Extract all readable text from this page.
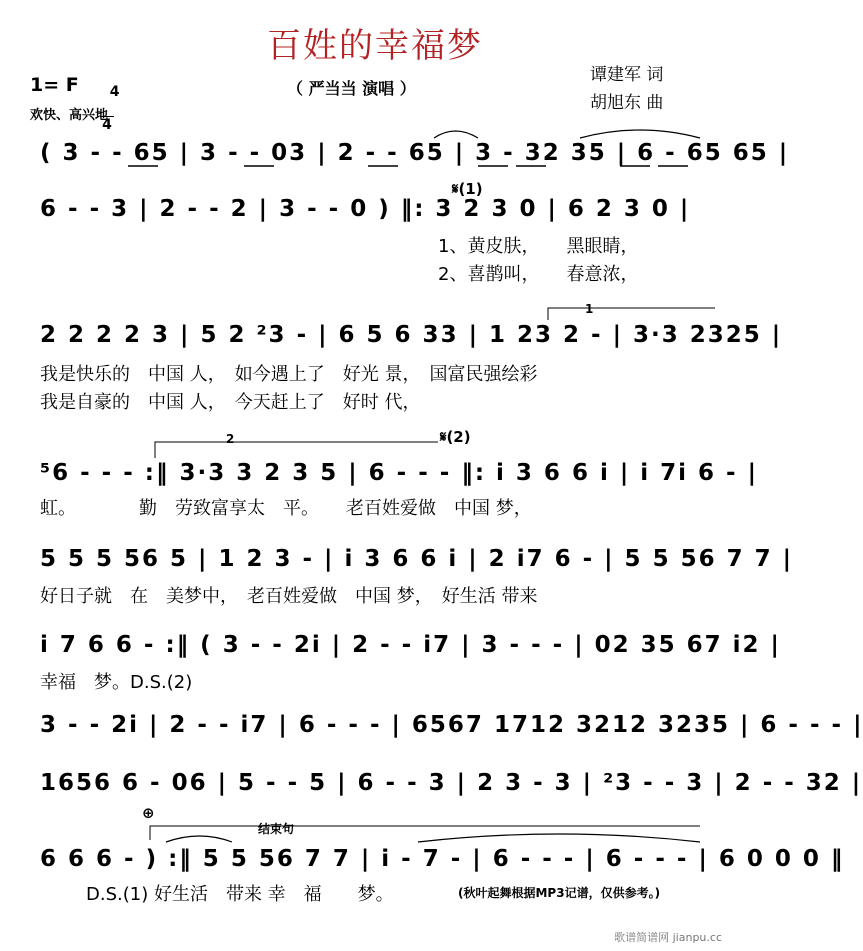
百姓的幸福梦
（ 严当当 演唱 ）
谭建军 词
胡旭东 曲
1= F	4

4

欢快、高兴地
( 3 - - 65 | 3 - - 03 | 2 - - 65 | 3 - 32 35 | 6 - 65 65 |
𝄋(1)
6 - - 3 | 2 - - 2 | 3 - - 0 ) ‖: 3 2 3 0 | 6 2 3 0 |
1、黄皮肤，　　黑眼睛，
2、喜鹊叫，　　春意浓，
1
2 2 2 2 3 | 5 2 ²3 - | 6 5 6 33 | 1 23 2 - | 3·3 2325 |
我是快乐的　中国 人，　如今遇上了　好光 景，　国富民强绘彩
我是自豪的　中国 人，　今天赶上了　好时 代，
2	𝄋(2)
⁵6 - - - :‖ 3·3 3 2 3 5 | 6 - - - ‖: i 3 6 6 i | i 7i 6 - |
虹。　　　　勤　劳致富享太　平。　　老百姓爱做　中国 梦，
5 5 5 56 5 | 1 2 3 - | i 3 6 6 i | 2 i7 6 - | 5 5 56 7 7 |
好日子就　在　美梦中，　老百姓爱做　中国 梦，　好生活 带来
i 7 6 6 - :‖ ( 3 - - 2i | 2 - - i7 | 3 - - - | 02 35 67 i2 |
幸福　梦。D.S.(2)
3 - - 2i | 2 - - i7 | 6 - - - | 6567 1712 3212 3235 | 6 - - - |
1656 6 - 06 | 5 - - 5 | 6 - - 3 | 2 3 - 3 | ²3 - - 3 | 2 - - 32 |
⊕
结束句
6 6 6 - ) :‖ 5 5 56 7 7 | i - 7 - | 6 - - - | 6 - - - | 6 0 0 0 ‖
D.S.(1) 好生活　带来 幸　福　　梦。	(秋叶起舞根据MP3记谱，仅供参考。)
歌谱简谱网 jianpu.cc
